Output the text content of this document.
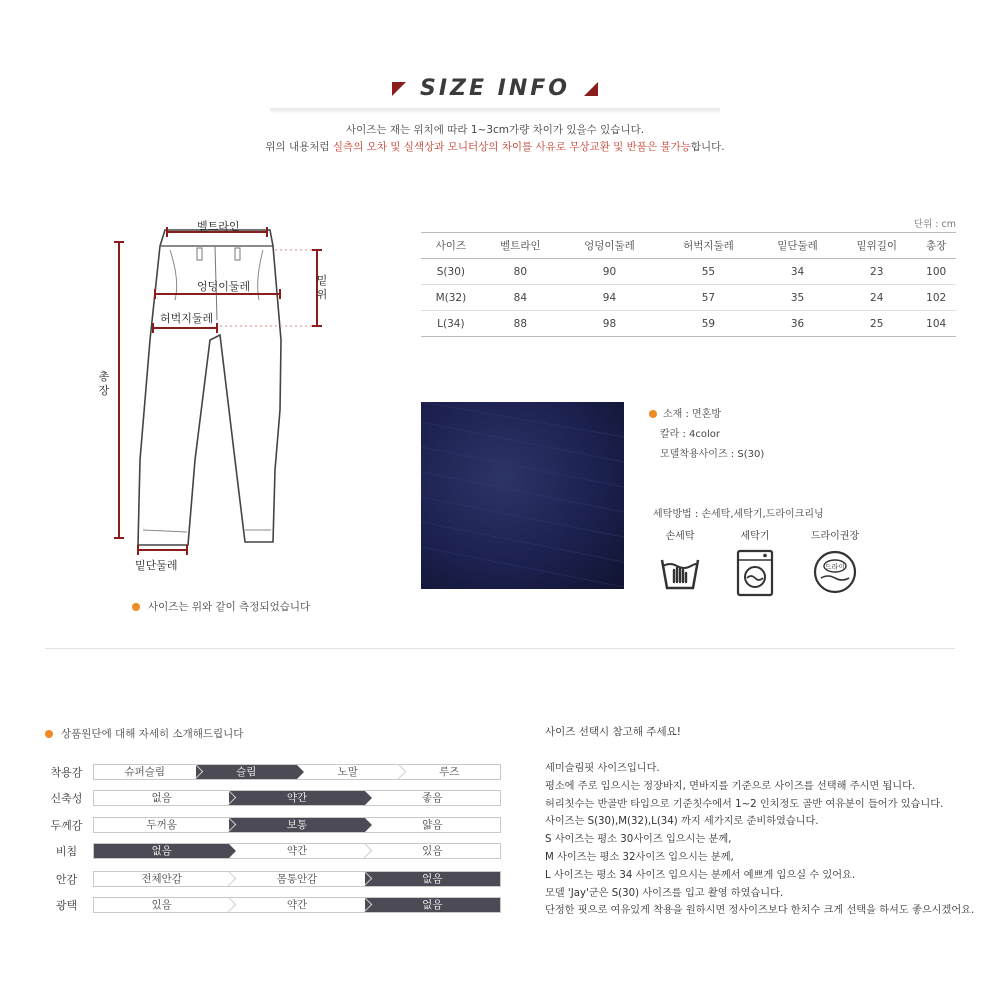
SIZE INFO
사이즈는 재는 위치에 따라 1~3cm가량 차이가 있을수 있습니다.
위의 내용처럼 실측의 오차 및 실색상과 모니터상의 차이를 사유로 무상교환 및 반품은 불가능합니다.
벨트라인
엉덩이둘레
허벅지둘레
밑단둘레
총장
밑위
사이즈는 위와 같이 측정되었습니다
단위 : cm
사이즈	벨트라인	엉덩이둘레	허벅지둘레	밑단둘레	밑위길이	총장
S(30)	80	90	55	34	23	100
M(32)	84	94	57	35	24	102
L(34)	88	98	59	36	25	104
소재 : 면혼방
칼라 : 4color
모델착용사이즈 : S(30)
세탁방법 : 손세탁,세탁기,드라이크리닝
손세탁	세탁기	드라이권장
드라이
상품원단에 대해 자세히 소개해드립니다
착용감	슈퍼슬림	슬림	노말	루즈
신축성	없음	약간	좋음
두께감	두꺼움	보통	얇음
비침	없음	약간	있음
안감	전체안감	몸통안감	없음
광택	있음	약간	없음
사이즈 선택시 참고해 주세요!
세미슬림핏 사이즈입니다.
평소에 주로 입으시는 정장바지, 면바지를 기준으로 사이즈를 선택해 주시면 됩니다.
허리칫수는 반골반 타입으로 기준칫수에서 1~2 인치정도 골반 여유분이 들어가 있습니다.
사이즈는 S(30),M(32),L(34) 까지 세가지로 준비하였습니다.
S 사이즈는 평소 30사이즈 입으시는 분께,
M 사이즈는 평소 32사이즈 입으시는 분께,
L 사이즈는 평소 34 사이즈 입으시는 분께서 예쁘게 입으실 수 있어요.
모델 'Jay'군은 S(30) 사이즈를 입고 촬영 하였습니다.
단정한 핏으로 여유있게 착용을 원하시면 정사이즈보다 한치수 크게 선택을 하셔도 좋으시겠어요.
